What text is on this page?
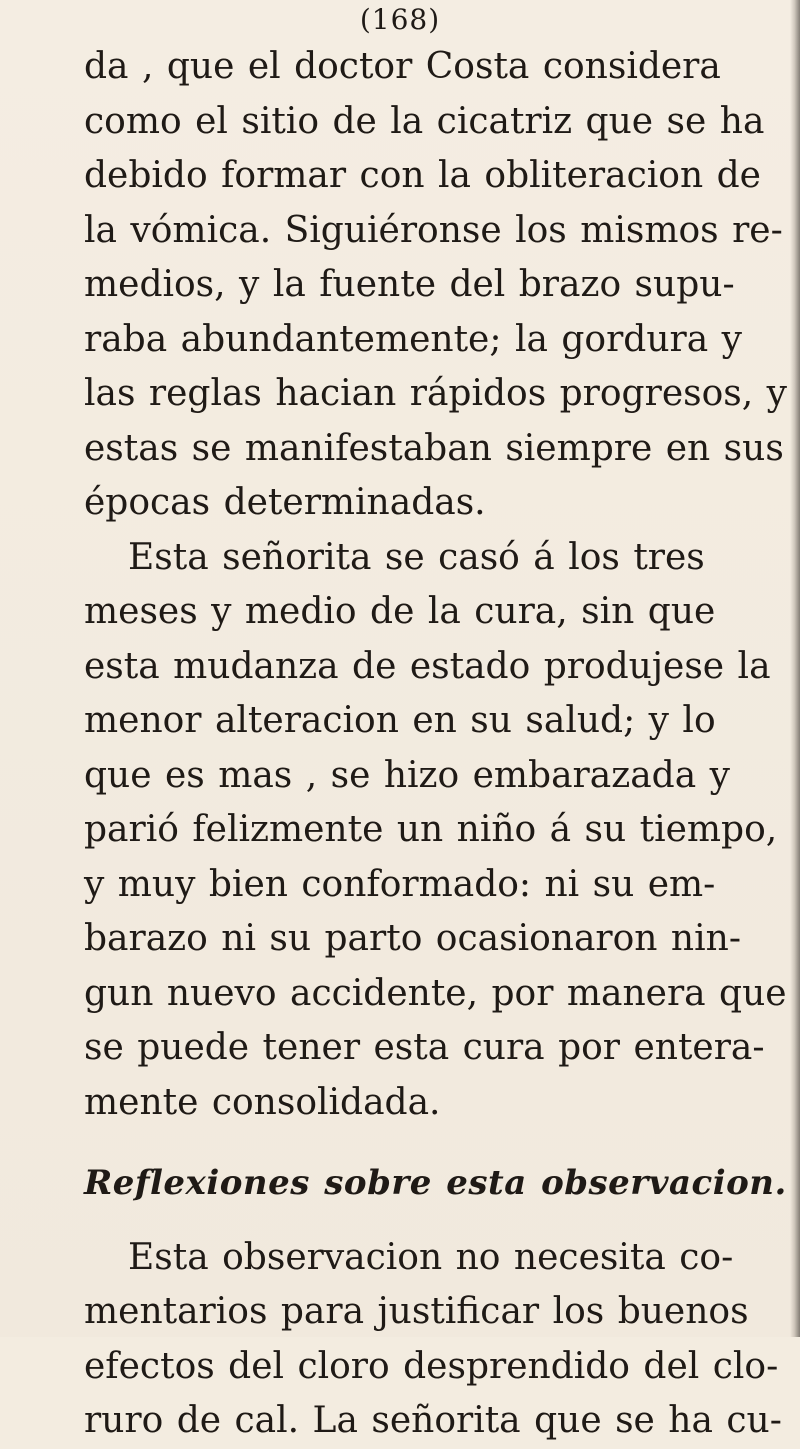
(168)
da , que el doctor Costa considera
como el sitio de la cicatriz que se ha
debido formar con la obliteracion de
la vómica. Siguiéronse los mismos re-
medios, y la fuente del brazo supu-
raba abundantemente; la gordura y
las reglas hacian rápidos progresos, y
estas se manifestaban siempre en sus
épocas determinadas.
Esta señorita se casó á los tres
meses y medio de la cura, sin que
esta mudanza de estado produjese la
menor alteracion en su salud; y lo
que es mas , se hizo embarazada y
parió felizmente un niño á su tiempo,
y muy bien conformado: ni su em-
barazo ni su parto ocasionaron nin-
gun nuevo accidente, por manera que
se puede tener esta cura por entera-
mente consolidada.
Reflexiones sobre esta observacion.
Esta observacion no necesita co-
mentarios para justificar los buenos
efectos del cloro desprendido del clo-
ruro de cal. La señorita que se ha cu-
